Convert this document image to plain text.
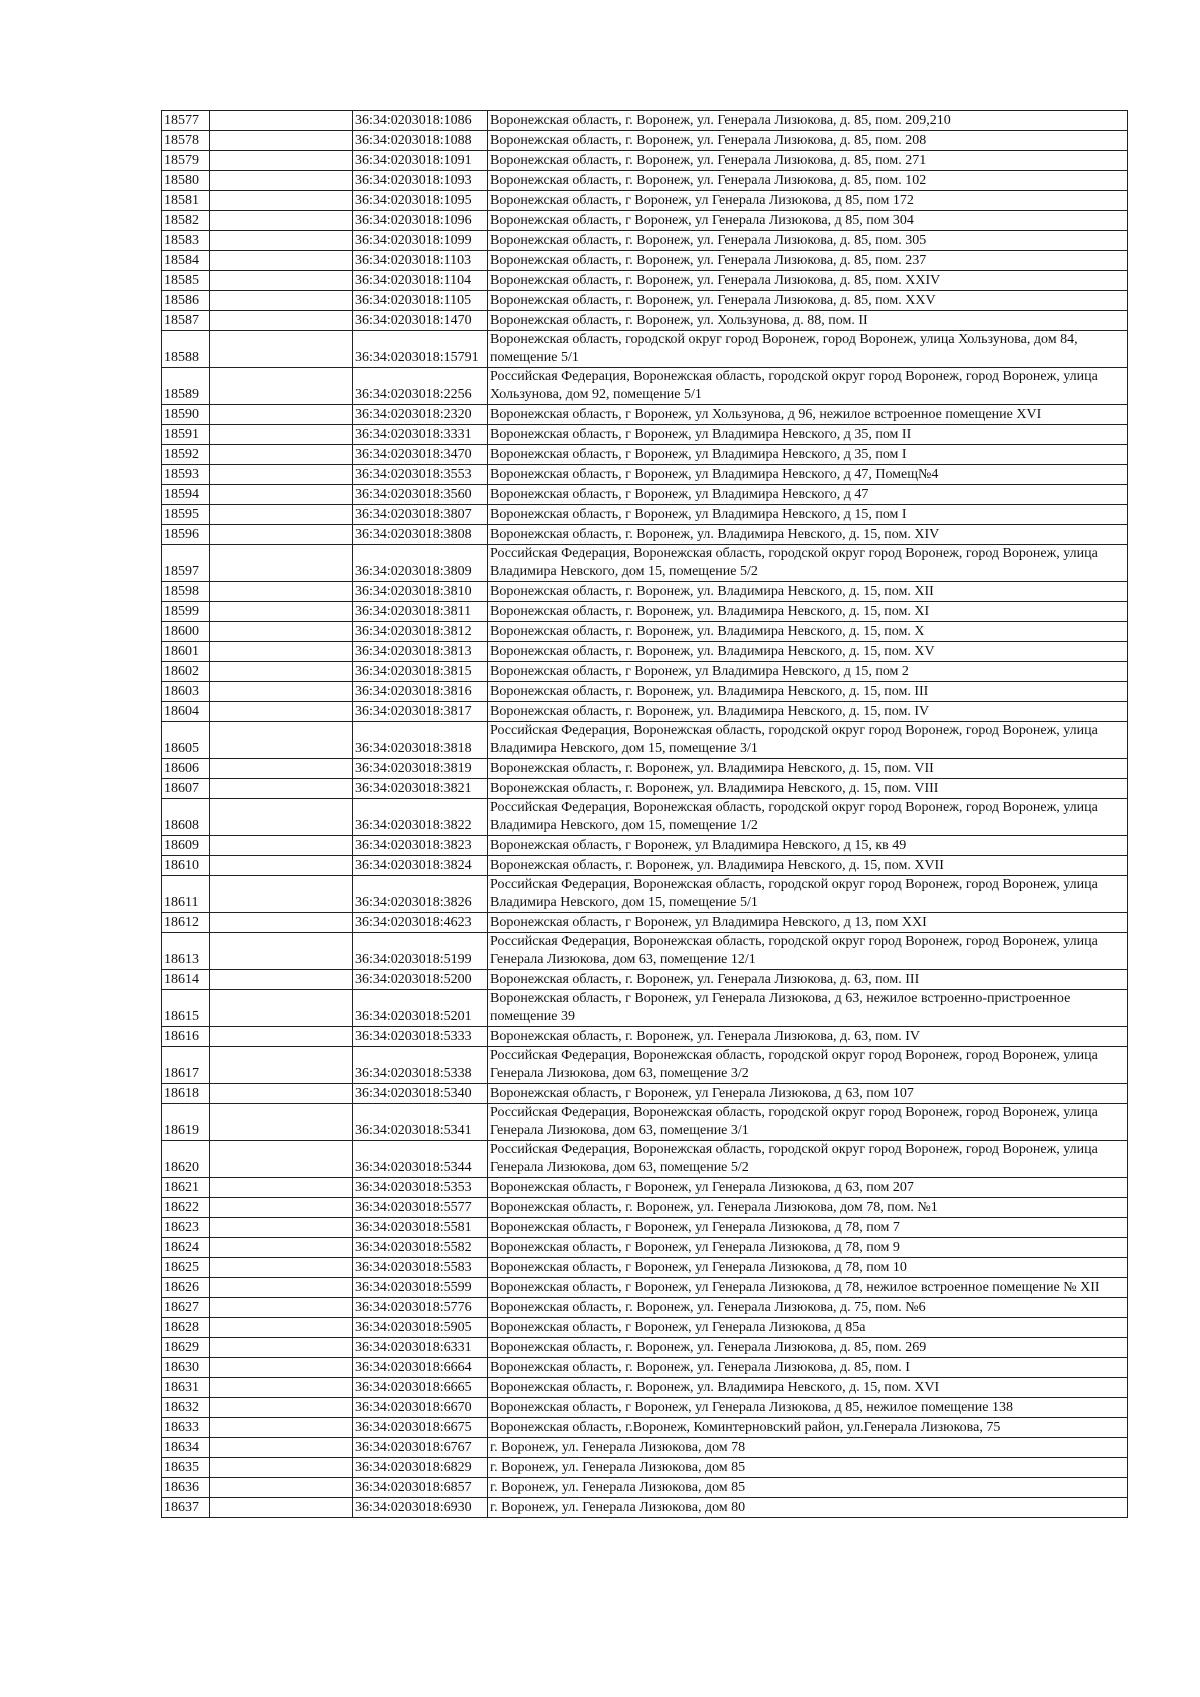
18577		36:34:0203018:1086	Воронежская область, г. Воронеж, ул. Генерала Лизюкова, д. 85, пом. 209,210
18578		36:34:0203018:1088	Воронежская область, г. Воронеж, ул. Генерала Лизюкова, д. 85, пом. 208
18579		36:34:0203018:1091	Воронежская область, г. Воронеж, ул. Генерала Лизюкова, д. 85, пом. 271
18580		36:34:0203018:1093	Воронежская область, г. Воронеж, ул. Генерала Лизюкова, д. 85, пом. 102
18581		36:34:0203018:1095	Воронежская область, г Воронеж, ул Генерала Лизюкова, д 85, пом 172
18582		36:34:0203018:1096	Воронежская область, г Воронеж, ул Генерала Лизюкова, д 85, пом 304
18583		36:34:0203018:1099	Воронежская область, г. Воронеж, ул. Генерала Лизюкова, д. 85, пом. 305
18584		36:34:0203018:1103	Воронежская область, г. Воронеж, ул. Генерала Лизюкова, д. 85, пом. 237
18585		36:34:0203018:1104	Воронежская область, г. Воронеж, ул. Генерала Лизюкова, д. 85, пом. XXIV
18586		36:34:0203018:1105	Воронежская область, г. Воронеж, ул. Генерала Лизюкова, д. 85, пом. XXV
18587		36:34:0203018:1470	Воронежская область, г. Воронеж, ул. Хользунова, д. 88, пом. II
18588		36:34:0203018:15791	Воронежская область, городской округ город Воронеж, город Воронеж, улица Хользунова, дом 84, помещение 5/1
18589		36:34:0203018:2256	Российская Федерация, Воронежская область, городской округ город Воронеж, город Воронеж, улица Хользунова, дом 92, помещение 5/1
18590		36:34:0203018:2320	Воронежская область, г Воронеж, ул Хользунова, д 96, нежилое встроенное помещение XVI
18591		36:34:0203018:3331	Воронежская область, г Воронеж, ул Владимира Невского, д 35, пом II
18592		36:34:0203018:3470	Воронежская область, г Воронеж, ул Владимира Невского, д 35, пом I
18593		36:34:0203018:3553	Воронежская область, г Воронеж, ул Владимира Невского, д 47, Помещ№4
18594		36:34:0203018:3560	Воронежская область, г Воронеж, ул Владимира Невского, д 47
18595		36:34:0203018:3807	Воронежская область, г Воронеж, ул Владимира Невского, д 15, пом I
18596		36:34:0203018:3808	Воронежская область, г. Воронеж, ул. Владимира Невского, д. 15, пом. XIV
18597		36:34:0203018:3809	Российская Федерация, Воронежская область, городской округ город Воронеж, город Воронеж, улица Владимира Невского, дом 15, помещение 5/2
18598		36:34:0203018:3810	Воронежская область, г. Воронеж, ул. Владимира Невского, д. 15, пом. XII
18599		36:34:0203018:3811	Воронежская область, г. Воронеж, ул. Владимира Невского, д. 15, пом. XI
18600		36:34:0203018:3812	Воронежская область, г. Воронеж, ул. Владимира Невского, д. 15, пом. X
18601		36:34:0203018:3813	Воронежская область, г. Воронеж, ул. Владимира Невского, д. 15, пом. XV
18602		36:34:0203018:3815	Воронежская область, г Воронеж, ул Владимира Невского, д 15, пом 2
18603		36:34:0203018:3816	Воронежская область, г. Воронеж, ул. Владимира Невского, д. 15, пом. III
18604		36:34:0203018:3817	Воронежская область, г. Воронеж, ул. Владимира Невского, д. 15, пом. IV
18605		36:34:0203018:3818	Российская Федерация, Воронежская область, городской округ город Воронеж, город Воронеж, улица Владимира Невского, дом 15, помещение 3/1
18606		36:34:0203018:3819	Воронежская область, г. Воронеж, ул. Владимира Невского, д. 15, пом. VII
18607		36:34:0203018:3821	Воронежская область, г. Воронеж, ул. Владимира Невского, д. 15, пом. VIII
18608		36:34:0203018:3822	Российская Федерация, Воронежская область, городской округ город Воронеж, город Воронеж, улица Владимира Невского, дом 15, помещение 1/2
18609		36:34:0203018:3823	Воронежская область, г Воронеж, ул Владимира Невского, д 15, кв 49
18610		36:34:0203018:3824	Воронежская область, г. Воронеж, ул. Владимира Невского, д. 15, пом. XVII
18611		36:34:0203018:3826	Российская Федерация, Воронежская область, городской округ город Воронеж, город Воронеж, улица Владимира Невского, дом 15, помещение 5/1
18612		36:34:0203018:4623	Воронежская область, г Воронеж, ул Владимира Невского, д 13, пом XXI
18613		36:34:0203018:5199	Российская Федерация, Воронежская область, городской округ город Воронеж, город Воронеж, улица Генерала Лизюкова, дом 63, помещение 12/1
18614		36:34:0203018:5200	Воронежская область, г. Воронеж, ул. Генерала Лизюкова, д. 63, пом. III
18615		36:34:0203018:5201	Воронежская область, г Воронеж, ул Генерала Лизюкова, д 63, нежилое встроенно-пристроенное помещение 39
18616		36:34:0203018:5333	Воронежская область, г. Воронеж, ул. Генерала Лизюкова, д. 63, пом. IV
18617		36:34:0203018:5338	Российская Федерация, Воронежская область, городской округ город Воронеж, город Воронеж, улица Генерала Лизюкова, дом 63, помещение 3/2
18618		36:34:0203018:5340	Воронежская область, г Воронеж, ул Генерала Лизюкова, д 63, пом 107
18619		36:34:0203018:5341	Российская Федерация, Воронежская область, городской округ город Воронеж, город Воронеж, улица Генерала Лизюкова, дом 63, помещение 3/1
18620		36:34:0203018:5344	Российская Федерация, Воронежская область, городской округ город Воронеж, город Воронеж, улица Генерала Лизюкова, дом 63, помещение 5/2
18621		36:34:0203018:5353	Воронежская область, г Воронеж, ул Генерала Лизюкова, д 63, пом 207
18622		36:34:0203018:5577	Воронежская область, г. Воронеж, ул. Генерала Лизюкова, дом 78, пом. №1
18623		36:34:0203018:5581	Воронежская область, г Воронеж, ул Генерала Лизюкова, д 78, пом 7
18624		36:34:0203018:5582	Воронежская область, г Воронеж, ул Генерала Лизюкова, д 78, пом 9
18625		36:34:0203018:5583	Воронежская область, г Воронеж, ул Генерала Лизюкова, д 78, пом 10
18626		36:34:0203018:5599	Воронежская область, г Воронеж, ул Генерала Лизюкова, д 78, нежилое встроенное помещение № XII
18627		36:34:0203018:5776	Воронежская область, г. Воронеж, ул. Генерала Лизюкова, д. 75, пом. №6
18628		36:34:0203018:5905	Воронежская область, г Воронеж, ул Генерала Лизюкова, д 85а
18629		36:34:0203018:6331	Воронежская область, г. Воронеж, ул. Генерала Лизюкова, д. 85, пом. 269
18630		36:34:0203018:6664	Воронежская область, г. Воронеж, ул. Генерала Лизюкова, д. 85, пом. I
18631		36:34:0203018:6665	Воронежская область, г. Воронеж, ул. Владимира Невского, д. 15, пом. XVI
18632		36:34:0203018:6670	Воронежская область, г Воронеж, ул Генерала Лизюкова, д 85, нежилое помещение 138
18633		36:34:0203018:6675	Воронежская область, г.Воронеж, Коминтерновский район, ул.Генерала Лизюкова, 75
18634		36:34:0203018:6767	г. Воронеж, ул. Генерала Лизюкова, дом 78
18635		36:34:0203018:6829	г. Воронеж, ул. Генерала Лизюкова, дом 85
18636		36:34:0203018:6857	г. Воронеж, ул. Генерала Лизюкова, дом 85
18637		36:34:0203018:6930	г. Воронеж, ул. Генерала Лизюкова, дом 80
